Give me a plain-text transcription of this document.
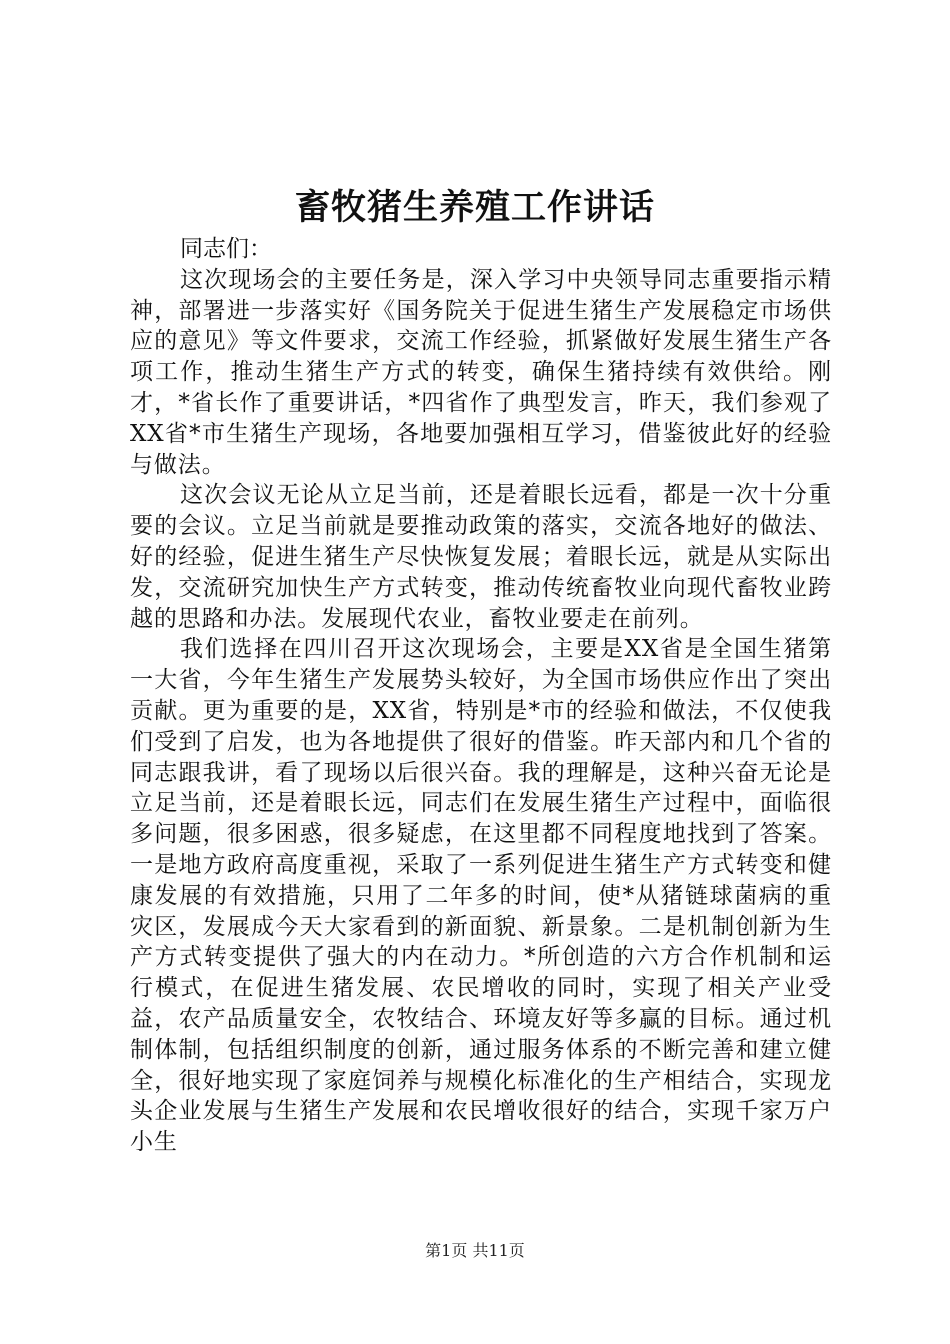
畜牧猪生养殖工作讲话

同志们：

这次现场会的主要任务是，深入学习中央领导同志重要指示精神，部署进一步落实好《国务院关于促进生猪生产发展稳定市场供应的意见》等文件要求，交流工作经验，抓紧做好发展生猪生产各项工作，推动生猪生产方式的转变，确保生猪持续有效供给。刚才，*省长作了重要讲话，*四省作了典型发言，昨天，我们参观了XX省*市生猪生产现场，各地要加强相互学习，借鉴彼此好的经验与做法。

这次会议无论从立足当前，还是着眼长远看，都是一次十分重要的会议。立足当前就是要推动政策的落实，交流各地好的做法、好的经验，促进生猪生产尽快恢复发展；着眼长远，就是从实际出发，交流研究加快生产方式转变，推动传统畜牧业向现代畜牧业跨越的思路和办法。发展现代农业，畜牧业要走在前列。

我们选择在四川召开这次现场会，主要是XX省是全国生猪第一大省，今年生猪生产发展势头较好，为全国市场供应作出了突出贡献。更为重要的是，XX省，特别是*市的经验和做法，不仅使我们受到了启发，也为各地提供了很好的借鉴。昨天部内和几个省的同志跟我讲，看了现场以后很兴奋。我的理解是，这种兴奋无论是立足当前，还是着眼长远，同志们在发展生猪生产过程中，面临很多问题，很多困惑，很多疑虑，在这里都不同程度地找到了答案。一是地方政府高度重视，采取了一系列促进生猪生产方式转变和健康发展的有效措施，只用了二年多的时间，使*从猪链球菌病的重灾区，发展成今天大家看到的新面貌、新景象。二是机制创新为生产方式转变提供了强大的内在动力。*所创造的六方合作机制和运行模式，在促进生猪发展、农民增收的同时，实现了相关产业受益，农产品质量安全，农牧结合、环境友好等多赢的目标。通过机制体制，包括组织制度的创新，通过服务体系的不断完善和建立健全，很好地实现了家庭饲养与规模化标准化的生产相结合，实现龙头企业发展与生猪生产发展和农民增收很好的结合，实现千家万户小生

第1页 共11页
